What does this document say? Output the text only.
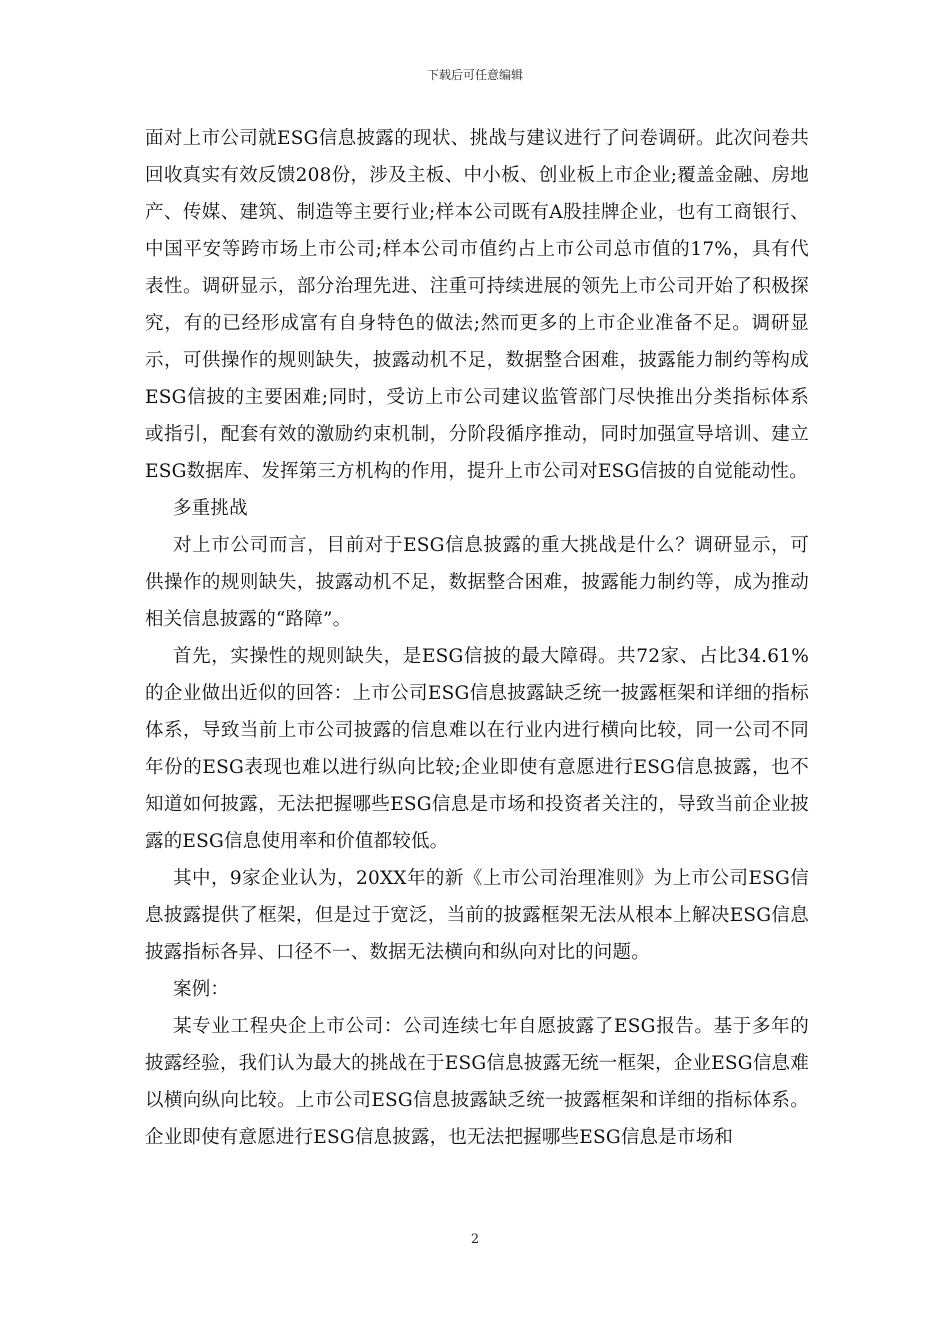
下载后可任意编辑

面对上市公司就ESG信息披露的现状、挑战与建议进行了问卷调研。此次问卷共回收真实有效反馈208份，涉及主板、中小板、创业板上市企业;覆盖金融、房地产、传媒、建筑、制造等主要行业;样本公司既有A股挂牌企业，也有工商银行、中国平安等跨市场上市公司;样本公司市值约占上市公司总市值的17%，具有代表性。调研显示，部分治理先进、注重可持续进展的领先上市公司开始了积极探究，有的已经形成富有自身特色的做法;然而更多的上市企业准备不足。调研显示，可供操作的规则缺失，披露动机不足，数据整合困难，披露能力制约等构成ESG信披的主要困难;同时，受访上市公司建议监管部门尽快推出分类指标体系或指引，配套有效的激励约束机制，分阶段循序推动，同时加强宣导培训、建立ESG数据库、发挥第三方机构的作用，提升上市公司对ESG信披的自觉能动性。

多重挑战

对上市公司而言，目前对于ESG信息披露的重大挑战是什么？调研显示，可供操作的规则缺失，披露动机不足，数据整合困难，披露能力制约等，成为推动相关信息披露的“路障”。

首先，实操性的规则缺失，是ESG信披的最大障碍。共72家、占比34.61%的企业做出近似的回答：上市公司ESG信息披露缺乏统一披露框架和详细的指标体系，导致当前上市公司披露的信息难以在行业内进行横向比较，同一公司不同年份的ESG表现也难以进行纵向比较;企业即使有意愿进行ESG信息披露，也不知道如何披露，无法把握哪些ESG信息是市场和投资者关注的，导致当前企业披露的ESG信息使用率和价值都较低。

其中，9家企业认为，20XX年的新《上市公司治理准则》为上市公司ESG信息披露提供了框架，但是过于宽泛，当前的披露框架无法从根本上解决ESG信息披露指标各异、口径不一、数据无法横向和纵向对比的问题。

案例：

某专业工程央企上市公司：公司连续七年自愿披露了ESG报告。基于多年的披露经验，我们认为最大的挑战在于ESG信息披露无统一框架，企业ESG信息难以横向纵向比较。上市公司ESG信息披露缺乏统一披露框架和详细的指标体系。企业即使有意愿进行ESG信息披露，也无法把握哪些ESG信息是市场和

2
